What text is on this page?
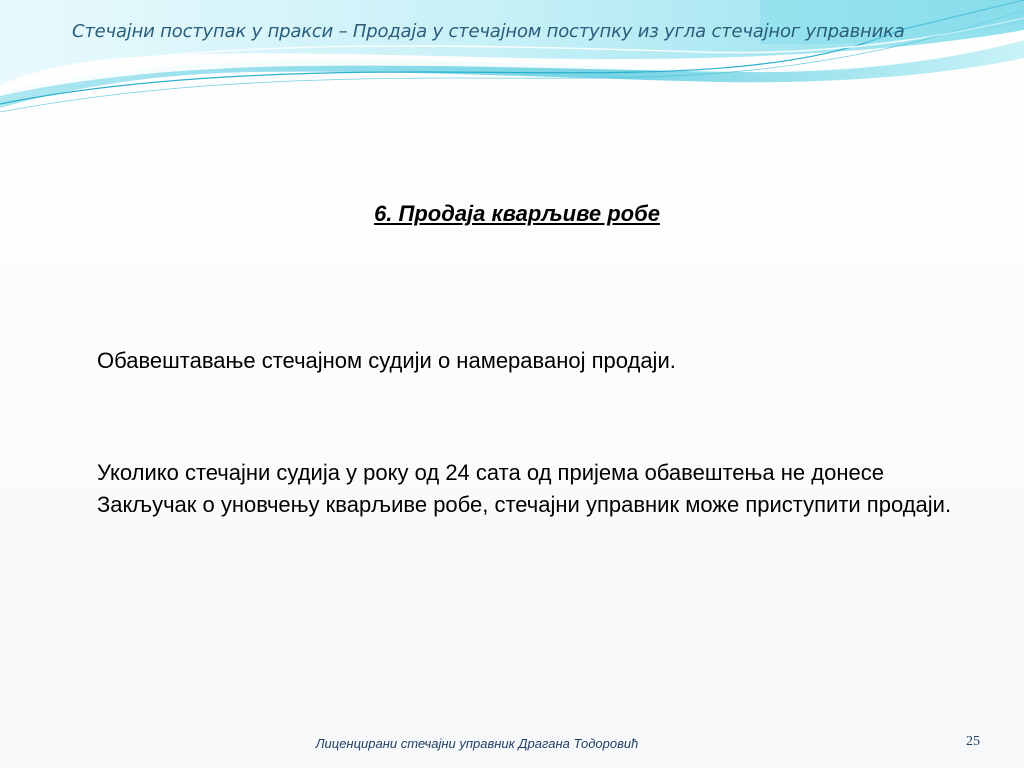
Стечајни поступак у пракси – Продаја у стечајном поступку из угла стечајног управника
6. Продаја кварљиве робе
Обавештавање стечајном судији о намераваној продаји.
Уколико стечајни судија у року од 24 сата од пријема обавештења не донесе Закључак о уновчењу кварљиве робе, стечајни управник може приступити продаји.
Лиценцирани стечајни управник Драгана Тодоровић	25
